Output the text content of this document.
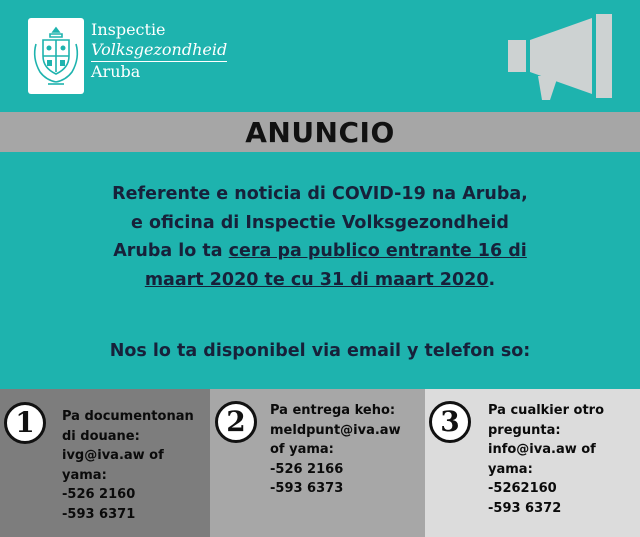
Inspectie
Volksgezondheid
Aruba
ANUNCIO
Referente e noticia di COVID-19 na Aruba, e oficina di Inspectie Volksgezondheid Aruba lo ta cera pa publico entrante 16 di maart 2020 te cu 31 di maart 2020.
Nos lo ta disponibel via email y telefon so:
1	Pa documentonan
di douane:
ivg@iva.aw of
yama:
-526 2160
-593 6371
2	Pa entrega keho:
meldpunt@iva.aw
of yama:
-526 2166
-593 6373
3	Pa cualkier otro
pregunta:
info@iva.aw of
yama:
-5262160
-593 6372
